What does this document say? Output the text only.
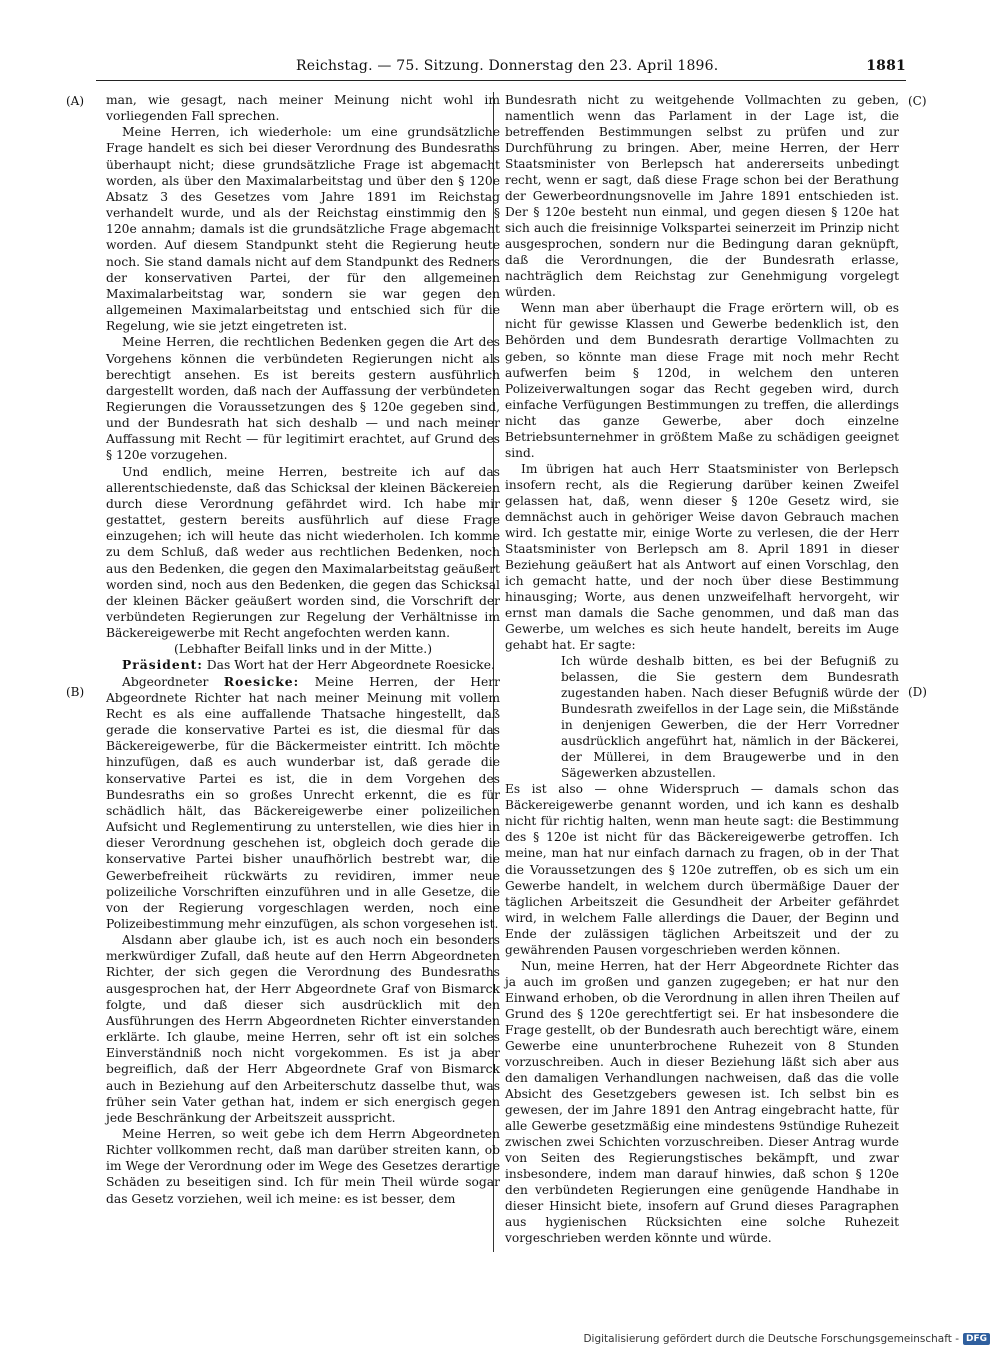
Reichstag. — 75. Sitzung. Donnerstag den 23. April 1896.	1881
(A)
(B)
(C)
(D)

man, wie gesagt, nach meiner Meinung nicht wohl im vorliegenden Fall sprechen.

Meine Herren, ich wiederhole: um eine grundsätzliche Frage handelt es sich bei dieser Verordnung des Bundesraths überhaupt nicht; diese grundsätzliche Frage ist abgemacht worden, als über den Maximalarbeitstag und über den § 120e Absatz 3 des Gesetzes vom Jahre 1891 im Reichstag verhandelt wurde, und als der Reichstag einstimmig den § 120e annahm; damals ist die grundsätzliche Frage abgemacht worden. Auf diesem Standpunkt steht die Regierung heute noch. Sie stand damals nicht auf dem Standpunkt des Redners der konservativen Partei, der für den allgemeinen Maximalarbeitstag war, sondern sie war gegen den allgemeinen Maximalarbeitstag und entschied sich für die Regelung, wie sie jetzt eingetreten ist.

Meine Herren, die rechtlichen Bedenken gegen die Art des Vorgehens können die verbündeten Regierungen nicht als berechtigt ansehen. Es ist bereits gestern ausführlich dargestellt worden, daß nach der Auffassung der verbündeten Regierungen die Voraussetzungen des § 120e gegeben sind, und der Bundesrath hat sich deshalb — und nach meiner Auffassung mit Recht — für legitimirt erachtet, auf Grund des § 120e vorzugehen.

Und endlich, meine Herren, bestreite ich auf das allerentschiedenste, daß das Schicksal der kleinen Bäckereien durch diese Verordnung gefährdet wird. Ich habe mir gestattet, gestern bereits ausführlich auf diese Frage einzugehen; ich will heute das nicht wiederholen. Ich komme zu dem Schluß, daß weder aus rechtlichen Bedenken, noch aus den Bedenken, die gegen den Maximalarbeitstag geäußert worden sind, noch aus den Bedenken, die gegen das Schicksal der kleinen Bäcker geäußert worden sind, die Vorschrift der verbündeten Regierungen zur Regelung der Verhältnisse im Bäckereigewerbe mit Recht angefochten werden kann.

(Lebhafter Beifall links und in der Mitte.)

Präsident: Das Wort hat der Herr Abgeordnete Roesicke.

Abgeordneter Roesicke: Meine Herren, der Herr Abgeordnete Richter hat nach meiner Meinung mit vollem Recht es als eine auffallende Thatsache hingestellt, daß gerade die konservative Partei es ist, die diesmal für das Bäckereigewerbe, für die Bäckermeister eintritt. Ich möchte hinzufügen, daß es auch wunderbar ist, daß gerade die konservative Partei es ist, die in dem Vorgehen des Bundesraths ein so großes Unrecht erkennt, die es für schädlich hält, das Bäckereigewerbe einer polizeilichen Aufsicht und Reglementirung zu unterstellen, wie dies hier in dieser Verordnung geschehen ist, obgleich doch gerade die konservative Partei bisher unaufhörlich bestrebt war, die Gewerbefreiheit rückwärts zu revidiren, immer neue polizeiliche Vorschriften einzuführen und in alle Gesetze, die von der Regierung vorgeschlagen werden, noch eine Polizeibestimmung mehr einzufügen, als schon vorgesehen ist.

Alsdann aber glaube ich, ist es auch noch ein besonders merkwürdiger Zufall, daß heute auf den Herrn Abgeordneten Richter, der sich gegen die Verordnung des Bundesraths ausgesprochen hat, der Herr Abgeordnete Graf von Bismarck folgte, und daß dieser sich ausdrücklich mit den Ausführungen des Herrn Abgeordneten Richter einverstanden erklärte. Ich glaube, meine Herren, sehr oft ist ein solches Einverständniß noch nicht vorgekommen. Es ist ja aber begreiflich, daß der Herr Abgeordnete Graf von Bismarck auch in Beziehung auf den Arbeiterschutz dasselbe thut, was früher sein Vater gethan hat, indem er sich energisch gegen jede Beschränkung der Arbeitszeit ausspricht.

Meine Herren, so weit gebe ich dem Herrn Abgeordneten Richter vollkommen recht, daß man darüber streiten kann, ob im Wege der Verordnung oder im Wege des Gesetzes derartige Schäden zu beseitigen sind. Ich für mein Theil würde sogar das Gesetz vorziehen, weil ich meine: es ist besser, dem

Bundesrath nicht zu weitgehende Vollmachten zu geben, namentlich wenn das Parlament in der Lage ist, die betreffenden Bestimmungen selbst zu prüfen und zur Durchführung zu bringen. Aber, meine Herren, der Herr Staatsminister von Berlepsch hat andererseits unbedingt recht, wenn er sagt, daß diese Frage schon bei der Berathung der Gewerbeordnungsnovelle im Jahre 1891 entschieden ist. Der § 120e besteht nun einmal, und gegen diesen § 120e hat sich auch die freisinnige Volkspartei seinerzeit im Prinzip nicht ausgesprochen, sondern nur die Bedingung daran geknüpft, daß die Verordnungen, die der Bundesrath erlasse, nachträglich dem Reichstag zur Genehmigung vorgelegt würden.

Wenn man aber überhaupt die Frage erörtern will, ob es nicht für gewisse Klassen und Gewerbe bedenklich ist, den Behörden und dem Bundesrath derartige Vollmachten zu geben, so könnte man diese Frage mit noch mehr Recht aufwerfen beim § 120d, in welchem den unteren Polizeiverwaltungen sogar das Recht gegeben wird, durch einfache Verfügungen Bestimmungen zu treffen, die allerdings nicht das ganze Gewerbe, aber doch einzelne Betriebsunternehmer in größtem Maße zu schädigen geeignet sind.

Im übrigen hat auch Herr Staatsminister von Berlepsch insofern recht, als die Regierung darüber keinen Zweifel gelassen hat, daß, wenn dieser § 120e Gesetz wird, sie demnächst auch in gehöriger Weise davon Gebrauch machen wird. Ich gestatte mir, einige Worte zu verlesen, die der Herr Staatsminister von Berlepsch am 8. April 1891 in dieser Beziehung geäußert hat als Antwort auf einen Vorschlag, den ich gemacht hatte, und der noch über diese Bestimmung hinausging; Worte, aus denen unzweifelhaft hervorgeht, wir ernst man damals die Sache genommen, und daß man das Gewerbe, um welches es sich heute handelt, bereits im Auge gehabt hat. Er sagte:

Ich würde deshalb bitten, es bei der Befugniß zu belassen, die Sie gestern dem Bundesrath zugestanden haben. Nach dieser Befugniß würde der Bundesrath zweifellos in der Lage sein, die Mißstände in denjenigen Gewerben, die der Herr Vorredner ausdrücklich angeführt hat, nämlich in der Bäckerei, der Müllerei, in dem Braugewerbe und in den Sägewerken abzustellen.

Es ist also — ohne Widerspruch — damals schon das Bäckereigewerbe genannt worden, und ich kann es deshalb nicht für richtig halten, wenn man heute sagt: die Bestimmung des § 120e ist nicht für das Bäckereigewerbe getroffen. Ich meine, man hat nur einfach darnach zu fragen, ob in der That die Voraussetzungen des § 120e zutreffen, ob es sich um ein Gewerbe handelt, in welchem durch übermäßige Dauer der täglichen Arbeitszeit die Gesundheit der Arbeiter gefährdet wird, in welchem Falle allerdings die Dauer, der Beginn und Ende der zulässigen täglichen Arbeitszeit und der zu gewährenden Pausen vorgeschrieben werden können.

Nun, meine Herren, hat der Herr Abgeordnete Richter das ja auch im großen und ganzen zugegeben; er hat nur den Einwand erhoben, ob die Verordnung in allen ihren Theilen auf Grund des § 120e gerechtfertigt sei. Er hat insbesondere die Frage gestellt, ob der Bundesrath auch berechtigt wäre, einem Gewerbe eine ununterbrochene Ruhezeit von 8 Stunden vorzuschreiben. Auch in dieser Beziehung läßt sich aber aus den damaligen Verhandlungen nachweisen, daß das die volle Absicht des Gesetzgebers gewesen ist. Ich selbst bin es gewesen, der im Jahre 1891 den Antrag eingebracht hatte, für alle Gewerbe gesetzmäßig eine mindestens 9stündige Ruhezeit zwischen zwei Schichten vorzuschreiben. Dieser Antrag wurde von Seiten des Regierungstisches bekämpft, und zwar insbesondere, indem man darauf hinwies, daß schon § 120e den verbündeten Regierungen eine genügende Handhabe in dieser Hinsicht biete, insofern auf Grund dieses Paragraphen aus hygienischen Rücksichten eine solche Ruhezeit vorgeschrieben werden könnte und würde.

Digitalisierung gefördert durch die Deutsche Forschungsgemeinschaft - DFG
